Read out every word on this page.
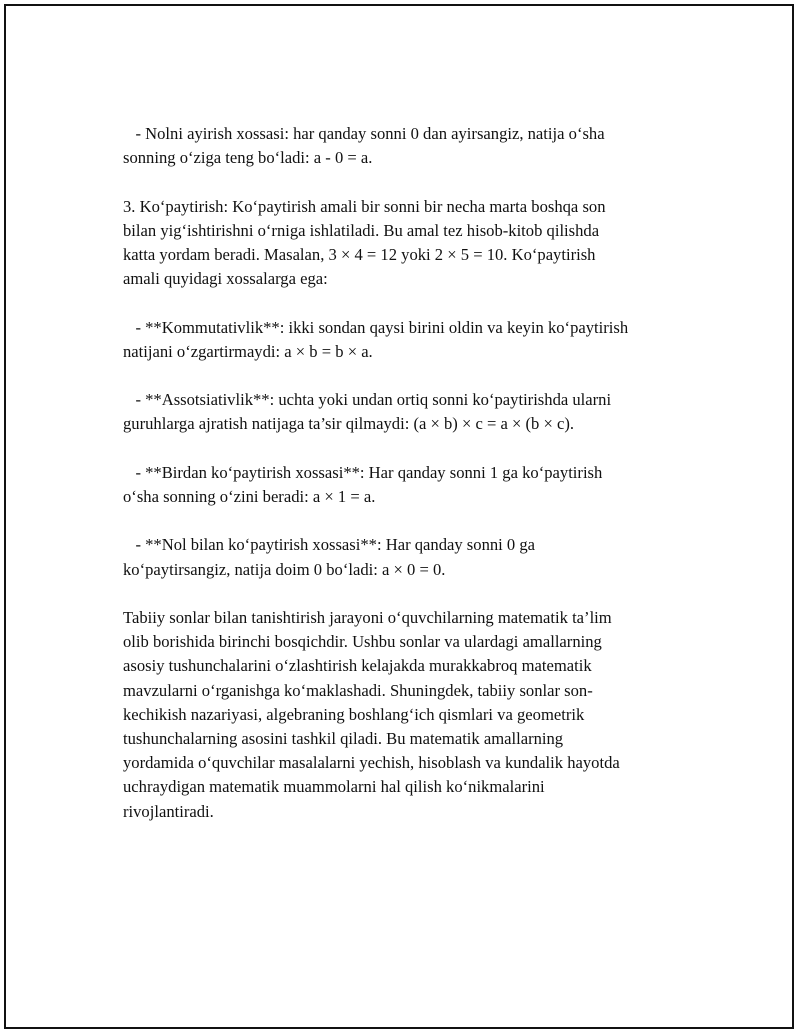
- Nolni ayirish xossasi: har qanday sonni 0 dan ayirsangiz, natija o‘sha
sonning o‘ziga teng bo‘ladi: a - 0 = a.

3. Ko‘paytirish: Ko‘paytirish amali bir sonni bir necha marta boshqa son
bilan yig‘ishtirishni o‘rniga ishlatiladi. Bu amal tez hisob-kitob qilishda
katta yordam beradi. Masalan, 3 × 4 = 12 yoki 2 × 5 = 10. Ko‘paytirish
amali quyidagi xossalarga ega:

- **Kommutativlik**: ikki sondan qaysi birini oldin va keyin ko‘paytirish
natijani o‘zgartirmaydi: a × b = b × a.

- **Assotsiativlik**: uchta yoki undan ortiq sonni ko‘paytirishda ularni
guruhlarga ajratish natijaga ta’sir qilmaydi: (a × b) × c = a × (b × c).

- **Birdan ko‘paytirish xossasi**: Har qanday sonni 1 ga ko‘paytirish
o‘sha sonning o‘zini beradi: a × 1 = a.

- **Nol bilan ko‘paytirish xossasi**: Har qanday sonni 0 ga
ko‘paytirsangiz, natija doim 0 bo‘ladi: a × 0 = 0.

Tabiiy sonlar bilan tanishtirish jarayoni o‘quvchilarning matematik ta’lim
olib borishida birinchi bosqichdir. Ushbu sonlar va ulardagi amallarning
asosiy tushunchalarini o‘zlashtirish kelajakda murakkabroq matematik
mavzularni o‘rganishga ko‘maklashadi. Shuningdek, tabiiy sonlar son-
kechikish nazariyasi, algebraning boshlang‘ich qismlari va geometrik
tushunchalarning asosini tashkil qiladi. Bu matematik amallarning
yordamida o‘quvchilar masalalarni yechish, hisoblash va kundalik hayotda
uchraydigan matematik muammolarni hal qilish ko‘nikmalarini
rivojlantiradi.
